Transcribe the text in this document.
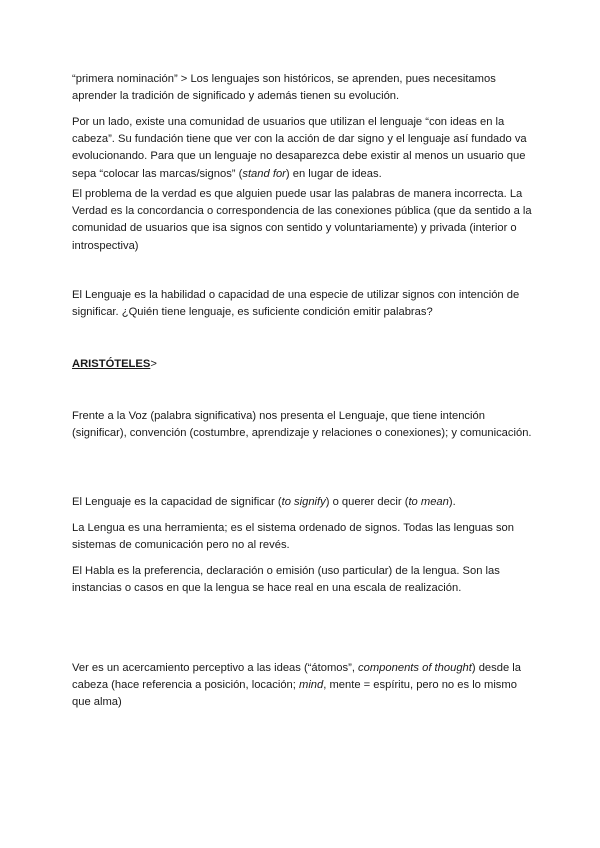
“primera nominación” > Los lenguajes son históricos, se aprenden, pues necesitamos aprender la tradición de significado y además tienen su evolución.

Por un lado, existe una comunidad de usuarios que utilizan el lenguaje “con ideas en la cabeza”. Su fundación tiene que ver con la acción de dar signo y el lenguaje así fundado va evolucionando. Para que un lenguaje no desaparezca debe existir al menos un usuario que sepa “colocar las marcas/signos” (stand for) en lugar de ideas.

El problema de la verdad es que alguien puede usar las palabras de manera incorrecta. La Verdad es la concordancia o correspondencia de las conexiones pública (que da sentido a la comunidad de usuarios que isa signos con sentido y voluntariamente) y privada (interior o introspectiva)

El Lenguaje es la habilidad o capacidad de una especie de utilizar signos con intención de significar. ¿Quién tiene lenguaje, es suficiente condición emitir palabras?

ARISTÓTELES>

Frente a la Voz (palabra significativa) nos presenta el Lenguaje, que tiene intención (significar), convención (costumbre, aprendizaje y relaciones o conexiones); y comunicación.

El Lenguaje es la capacidad de significar (to signify) o querer decir (to mean).

La Lengua es una herramienta; es el sistema ordenado de signos. Todas las lenguas son sistemas de comunicación pero no al revés.

El Habla es la preferencia, declaración o emisión (uso particular) de la lengua. Son las instancias o casos en que la lengua se hace real en una escala de realización.

Ver es un acercamiento perceptivo a las ideas (“átomos”, components of thought) desde la cabeza (hace referencia a posición, locación; mind, mente = espíritu, pero no es lo mismo que alma)
